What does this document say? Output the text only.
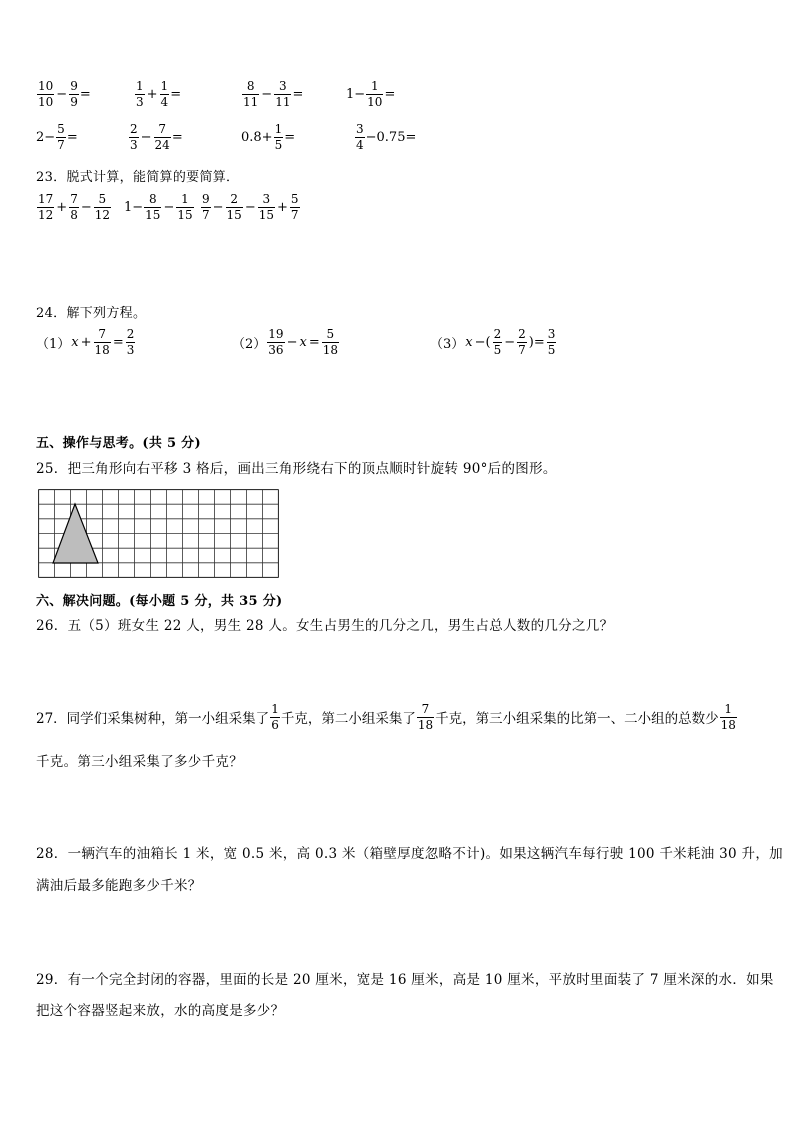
$\frac{10}{10} - \frac{9}{9}$ =	$\frac{1}{3} + \frac{1}{4}$ =	$\frac{8}{11} - \frac{3}{11}$ =	$1- \frac{1}{10}$ =
$2- \frac{5}{7}$ =	$\frac{2}{3} - \frac{7}{24}$ =	$0.8+ \frac{1}{5}$ =	$\frac{3}{4} -0.75=$
23．脱式计算，能简算的要简算．
$\frac{17}{12} + \frac{7}{8} - \frac{5}{12} 1- \frac{8}{15} - \frac{1}{15} \frac{9}{7} - \frac{2}{15} - \frac{3}{15} + \frac{5}{7}$
24．解下列方程。
（1） $x + \frac{7}{18} = \frac{2}{3}$	$(2) \frac{19}{36} - x = \frac{5}{18}$	（3） x −( $\frac{2}{5} - \frac{2}{7}$ )= $\frac{3}{5}$
五、操作与思考。(共 5 分)
25．把三角形向右平移 3 格后，画出三角形绕右下的顶点顺时针旋转 90°后的图形。
六、解决问题。(每小题 5 分，共 35 分)
26．五（5）班女生 22 人，男生 28 人。女生占男生的几分之几，男生占总人数的几分之几？
27．同学们采集树种，第一小组采集了 $\frac{1}{6}$ 千克，第二小组采集了 $\frac{7}{18}$ 千克，第三小组采集的比第一、二小组的总数少 $\frac{1}{18}$
千克。第三小组采集了多少千克？
28．一辆汽车的油箱长 1 米，宽 0.5 米，高 0.3 米（箱壁厚度忽略不计)。如果这辆汽车每行驶 100 千米耗油 30 升，加
满油后最多能跑多少千米？
29．有一个完全封闭的容器，里面的长是 20 厘米，宽是 16 厘米，高是 10 厘米，平放时里面装了 7 厘米深的水．如果
把这个容器竖起来放，水的高度是多少？
